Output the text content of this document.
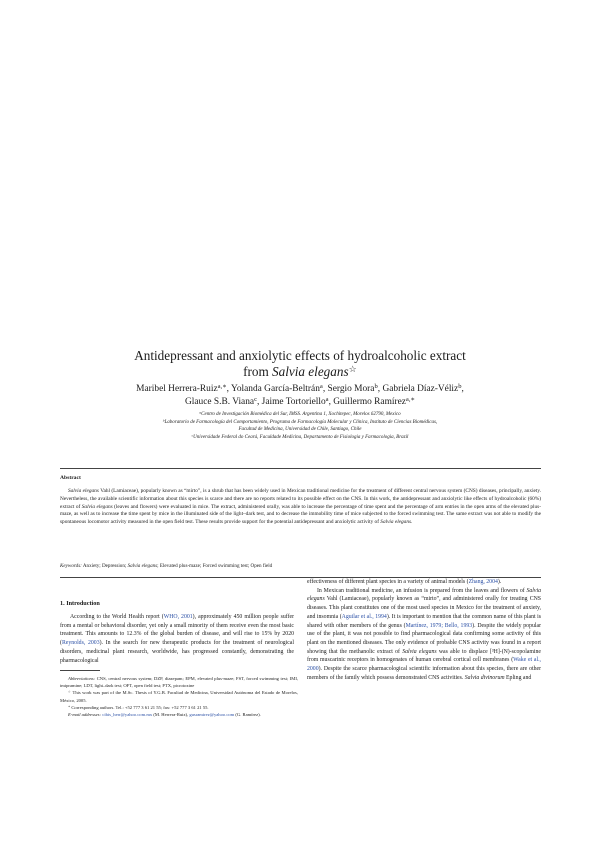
Antidepressant and anxiolytic effects of hydroalcoholic extract
from Salvia elegans☆
Maribel Herrera-Ruiz$^{a,∗}$, Yolanda García-Beltrán$^a$, Sergio Mora$^b$, Gabriela Díaz-Véliz$^b$,
Glauce S.B. Viana$^c$, Jaime Tortoriello$^a$, Guillermo Ramírez$^{a,∗}$
$^a$Centro de Investigación Biomédica del Sur, IMSS. Argentina 1, Xochitepec, Morelos 62790, Mexico
$^b$Laboratorio de Farmacología del Comportamiento, Programa de Farmacología Molecular y Clínica, Instituto de Ciencias Biomédicas,
Facultad de Medicina, Universidad de Chile, Santiago, Chile
$^c$Universidade Federal do Ceará, Faculdade Medicina, Departamento de Fisiologia y Farmacologia, Brazil
Abstract

Salvia elegans Vahl (Lamiaceae), popularly known as “mirto”, is a shrub that has been widely used in Mexican traditional medicine for the treatment of different central nervous system (CNS) diseases, principally, anxiety. Nevertheless, the available scientific information about this species is scarce and there are no reports related to its possible effect on the CNS. In this work, the antidepressant and anxiolytic like effects of hydroalcoholic (60%) extract of Salvia elegans (leaves and flowers) were evaluated in mice. The extract, administered orally, was able to increase the percentage of time spent and the percentage of arm entries in the open arms of the elevated plus-maze, as well as to increase the time spent by mice in the illuminated side of the light–dark test, and to decrease the immobility time of mice subjected to the forced swimming test. The same extract was not able to modify the spontaneous locomotor activity measured in the open field test. These results provide support for the potential antidepressant and anxiolytic activity of Salvia elegans.

Keywords: Anxiety; Depression; Salvia elegans; Elevated plus-maze; Forced swimming test; Open field
1. Introduction

According to the World Health report (WHO, 2001), approximately 450 million people suffer from a mental or behavioral disorder, yet only a small minority of them receive even the most basic treatment. This amounts to 12.3% of the global burden of disease, and will rise to 15% by 2020 (Reynolds, 2003). In the search for new therapeutic products for the treatment of neurological disorders, medicinal plant research, worldwide, has progressed constantly, demonstrating the pharmacological

effectiveness of different plant species in a variety of animal models (Zhang, 2004).

In Mexican traditional medicine, an infusion is prepared from the leaves and flowers of Salvia elegans Vahl (Lamiaceae), popularly known as “mirto”, and administered orally for treating CNS diseases. This plant constitutes one of the most used species in Mexico for the treatment of anxiety, and insomnia (Aguilar et al., 1994). It is important to mention that the common name of this plant is shared with other members of the genus (Martínez, 1979; Bello, 1993). Despite the widely popular use of the plant, it was not possible to find pharmacological data confirming some activity of this plant on the mentioned diseases. The only evidence of probable CNS activity was found in a report showing that the methanolic extract of Salvia elegans was able to displace [³H]-(N)-scopolamine from muscarinic receptors in homogenates of human cerebral cortical cell membranes (Wake et al., 2000). Despite the scarce pharmacological scientific information about this species, there are other members of the family which possess demonstrated CNS activities. Salvia divinorum Epling and

Abbreviations: CNS, central nervous system; DZP, diazepam; EPM, elevated plus-maze; FST, forced swimming test; IMI, imipramine; LDT, light–dark test; OFT, open field test; PTX, picrotoxine

☆ This work was part of the M.Sc. Thesis of Y.G.B. Facultad de Medicina, Universidad Autónoma del Estado de Morelos, México, 2005.

∗ Corresponding authors. Tel.: +52 777 3 61 21 55; fax: +52 777 3 61 21 55.

E-mail addresses: cibis_herr@yahoo.com.mx (M. Herrera-Ruiz), gusramirez@yahoo.com (G. Ramírez).
